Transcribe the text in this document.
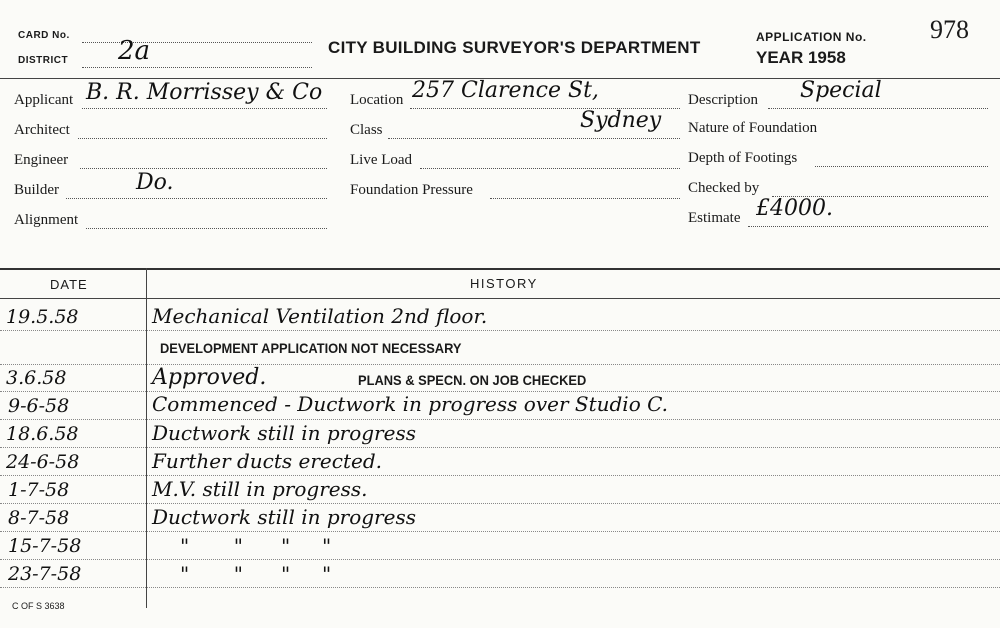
CARD No.
DISTRICT 2a	CITY BUILDING SURVEYOR'S DEPARTMENT
APPLICATION No. 978
YEAR 1958
Applicant B. R. Morrissey & Co
Architect
Engineer
Builder	Do.
Alignment
Location 257 Clarence St,
Class	Sydney
Live Load
Foundation Pressure
Description Special
Nature of Foundation
Depth of Footings
Checked by
Estimate £4000.
DATE	HISTORY
19.5.58	Mechanical Ventilation 2nd floor.
DEVELOPMENT APPLICATION NOT NECESSARY
3.6.58	Approved.	PLANS & SPECN. ON JOB CHECKED
9-6-58	Commenced - Ductwork in progress over Studio C.
18.6.58	Ductwork still in progress
24-6-58	Further ducts erected.
1-7-58	M.V. still in progress.
8-7-58	Ductwork still in progress
15-7-58	"       "      "     "
23-7-58	"       "      "     "
C OF S 3638
